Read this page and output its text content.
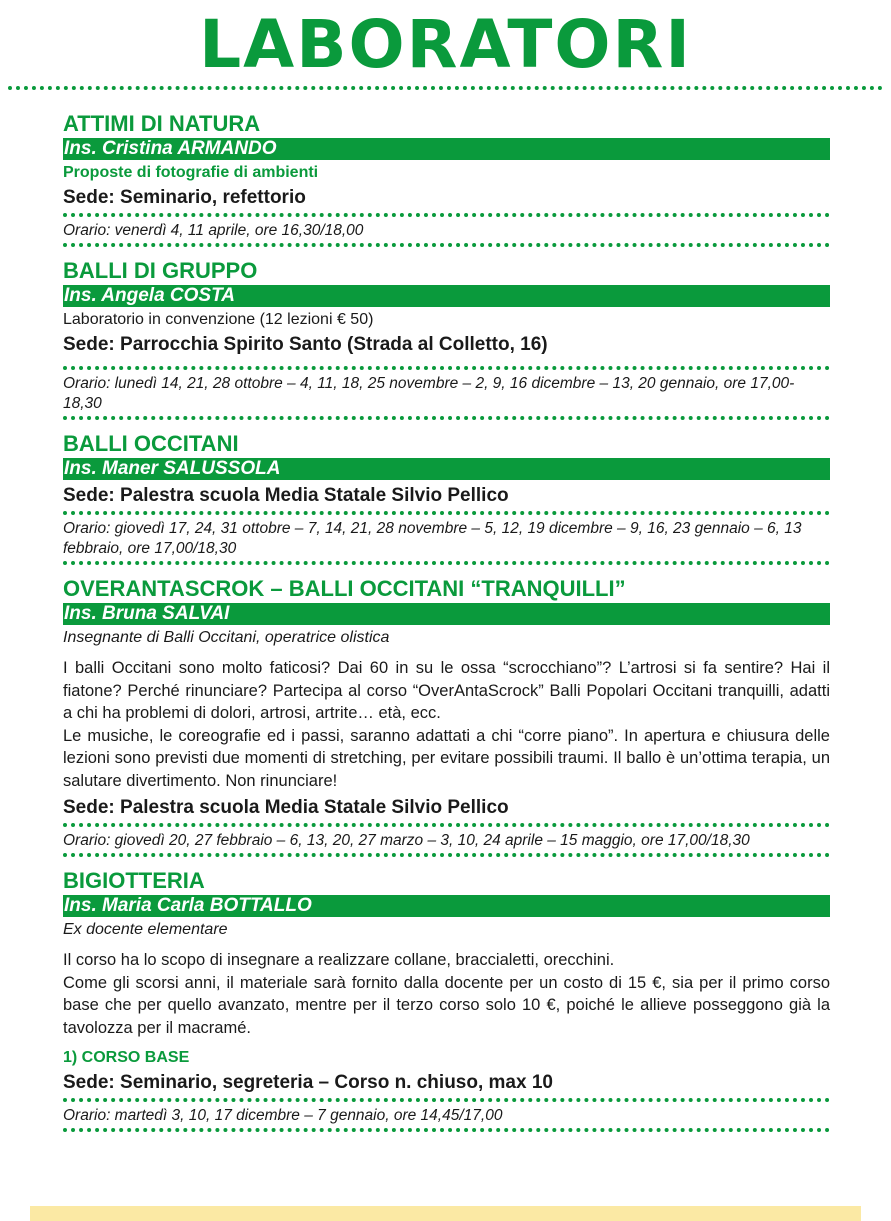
LABORATORI
ATTIMI DI NATURA
Ins. Cristina ARMANDO
Proposte di fotografie di ambienti
Sede: Seminario, refettorio
Orario: venerdì 4, 11 aprile, ore 16,30/18,00
BALLI DI GRUPPO
Ins. Angela COSTA
Laboratorio in convenzione (12 lezioni € 50)
Sede: Parrocchia Spirito Santo (Strada al Colletto, 16)
Orario: lunedì 14, 21, 28 ottobre – 4, 11, 18, 25 novembre – 2, 9, 16 dicembre – 13, 20 gennaio, ore 17,00-18,30
BALLI OCCITANI
Ins. Maner SALUSSOLA
Sede: Palestra scuola Media Statale Silvio Pellico
Orario: giovedì 17, 24, 31 ottobre – 7, 14, 21, 28 novembre – 5, 12, 19 dicembre – 9, 16, 23 gennaio – 6, 13 febbraio, ore 17,00/18,30
OVERANTASCROK – BALLI OCCITANI “TRANQUILLI”
Ins. Bruna SALVAI
Insegnante di Balli Occitani, operatrice olistica

I balli Occitani sono molto faticosi? Dai 60 in su le ossa “scrocchiano”? L’artrosi si fa sentire? Hai il fiatone? Perché rinunciare? Partecipa al corso “OverAntaScrock” Balli Popolari Occitani tranquilli, adatti a chi ha problemi di dolori, artrosi, artrite… età, ecc.

Le musiche, le coreografie ed i passi, saranno adattati a chi “corre piano”. In apertura e chiusura delle lezioni sono previsti due momenti di stretching, per evitare possibili traumi. Il ballo è un’ottima terapia, un salutare divertimento. Non rinunciare!

Sede: Palestra scuola Media Statale Silvio Pellico
Orario: giovedì 20, 27 febbraio – 6, 13, 20, 27 marzo – 3, 10, 24 aprile – 15 maggio, ore 17,00/18,30
BIGIOTTERIA
Ins. Maria Carla BOTTALLO
Ex docente elementare

Il corso ha lo scopo di insegnare a realizzare collane, braccialetti, orecchini.

Come gli scorsi anni, il materiale sarà fornito dalla docente per un costo di 15 €, sia per il primo corso base che per quello avanzato, mentre per il terzo corso solo 10 €, poiché le allieve posseggono già la tavolozza per il macramé.

1) CORSO BASE
Sede: Seminario, segreteria – Corso n. chiuso, max 10
Orario: martedì 3, 10, 17 dicembre – 7 gennaio, ore 14,45/17,00
